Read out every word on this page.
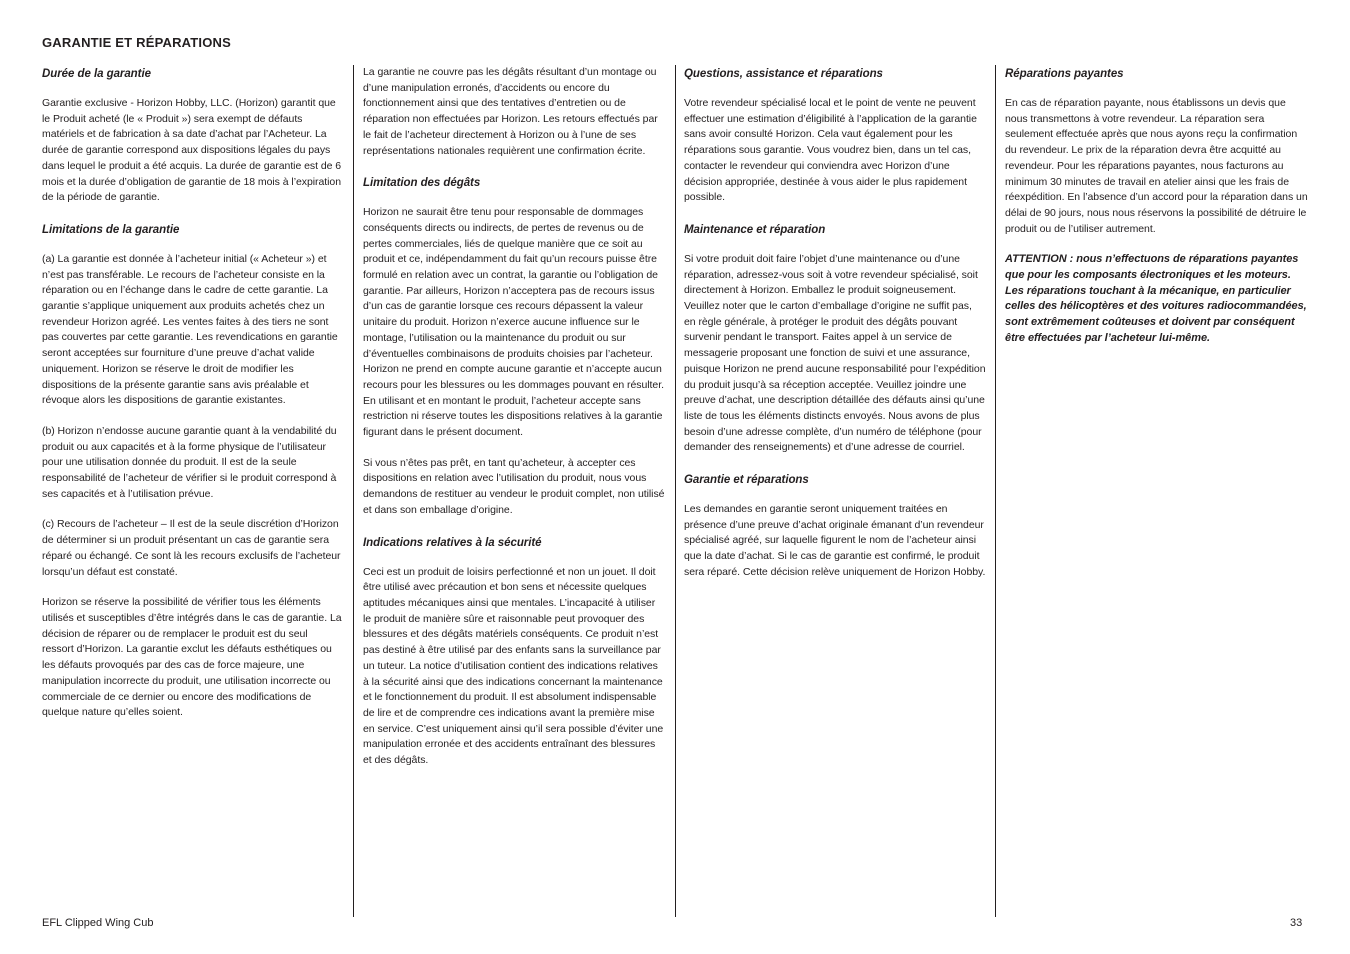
GARANTIE ET RÉPARATIONS
Durée de la garantie

Garantie exclusive - Horizon Hobby, LLC. (Horizon) garantit que le Produit acheté (le « Produit ») sera exempt de défauts matériels et de fabrication à sa date d’achat par l’Acheteur. La durée de garantie correspond aux dispositions légales du pays dans lequel le produit a été acquis. La durée de garantie est de 6 mois et la durée d’obligation de garantie de 18 mois à l’expiration de la période de garantie.

Limitations de la garantie

(a) La garantie est donnée à l’acheteur initial (« Acheteur ») et n’est pas transférable. Le recours de l’acheteur consiste en la réparation ou en l’échange dans le cadre de cette garantie. La garantie s’applique uniquement aux produits achetés chez un revendeur Horizon agréé. Les ventes faites à des tiers ne sont pas couvertes par cette garantie. Les revendications en garantie seront acceptées sur fourniture d’une preuve d’achat valide uniquement. Horizon se réserve le droit de modifier les dispositions de la présente garantie sans avis préalable et révoque alors les dispositions de garantie existantes.

(b) Horizon n’endosse aucune garantie quant à la vendabilité du produit ou aux capacités et à la forme physique de l’utilisateur pour une utilisation donnée du produit. Il est de la seule responsabilité de l’acheteur de vérifier si le produit correspond à ses capacités et à l’utilisation prévue.

(c) Recours de l’acheteur – Il est de la seule discrétion d’Horizon de déterminer si un produit présentant un cas de garantie sera réparé ou échangé. Ce sont là les recours exclusifs de l’acheteur lorsqu’un défaut est constaté.

Horizon se réserve la possibilité de vérifier tous les éléments utilisés et susceptibles d’être intégrés dans le cas de garantie. La décision de réparer ou de remplacer le produit est du seul ressort d’Horizon. La garantie exclut les défauts esthétiques ou les défauts provoqués par des cas de force majeure, une manipulation incorrecte du produit, une utilisation incorrecte ou commerciale de ce dernier ou encore des modifications de quelque nature qu’elles soient.

La garantie ne couvre pas les dégâts résultant d’un montage ou d’une manipulation erronés, d’accidents ou encore du fonctionnement ainsi que des tentatives d’entretien ou de réparation non effectuées par Horizon. Les retours effectués par le fait de l’acheteur directement à Horizon ou à l’une de ses représentations nationales requièrent une confirmation écrite.

Limitation des dégâts

Horizon ne saurait être tenu pour responsable de dommages conséquents directs ou indirects, de pertes de revenus ou de pertes commerciales, liés de quelque manière que ce soit au produit et ce, indépendamment du fait qu’un recours puisse être formulé en relation avec un contrat, la garantie ou l’obligation de garantie. Par ailleurs, Horizon n’acceptera pas de recours issus d’un cas de garantie lorsque ces recours dépassent la valeur unitaire du produit. Horizon n’exerce aucune influence sur le montage, l’utilisation ou la maintenance du produit ou sur d’éventuelles combinaisons de produits choisies par l’acheteur. Horizon ne prend en compte aucune garantie et n’accepte aucun recours pour les blessures ou les dommages pouvant en résulter. En utilisant et en montant le produit, l’acheteur accepte sans restriction ni réserve toutes les dispositions relatives à la garantie figurant dans le présent document.

Si vous n’êtes pas prêt, en tant qu’acheteur, à accepter ces dispositions en relation avec l’utilisation du produit, nous vous demandons de restituer au vendeur le produit complet, non utilisé et dans son emballage d’origine.

Indications relatives à la sécurité

Ceci est un produit de loisirs perfectionné et non un jouet. Il doit être utilisé avec précaution et bon sens et nécessite quelques aptitudes mécaniques ainsi que mentales. L’incapacité à utiliser le produit de manière sûre et raisonnable peut provoquer des blessures et des dégâts matériels conséquents. Ce produit n’est pas destiné à être utilisé par des enfants sans la surveillance par un tuteur. La notice d’utilisation contient des indications relatives à la sécurité ainsi que des indications concernant la maintenance et le fonctionnement du produit. Il est absolument indispensable de lire et de comprendre ces indications avant la première mise en service. C’est uniquement ainsi qu’il sera possible d’éviter une manipulation erronée et des accidents entraînant des blessures et des dégâts.

Questions, assistance et réparations

Votre revendeur spécialisé local et le point de vente ne peuvent effectuer une estimation d’éligibilité à l’application de la garantie sans avoir consulté Horizon. Cela vaut également pour les réparations sous garantie. Vous voudrez bien, dans un tel cas, contacter le revendeur qui conviendra avec Horizon d’une décision appropriée, destinée à vous aider le plus rapidement possible.

Maintenance et réparation

Si votre produit doit faire l’objet d’une maintenance ou d’une réparation, adressez-vous soit à votre revendeur spécialisé, soit directement à Horizon. Emballez le produit soigneusement. Veuillez noter que le carton d’emballage d’origine ne suffit pas, en règle générale, à protéger le produit des dégâts pouvant survenir pendant le transport. Faites appel à un service de messagerie proposant une fonction de suivi et une assurance, puisque Horizon ne prend aucune responsabilité pour l’expédition du produit jusqu’à sa réception acceptée. Veuillez joindre une preuve d’achat, une description détaillée des défauts ainsi qu’une liste de tous les éléments distincts envoyés. Nous avons de plus besoin d’une adresse complète, d’un numéro de téléphone (pour demander des renseignements) et d’une adresse de courriel.

Garantie et réparations

Les demandes en garantie seront uniquement traitées en présence d’une preuve d’achat originale émanant d’un revendeur spécialisé agréé, sur laquelle figurent le nom de l’acheteur ainsi que la date d’achat. Si le cas de garantie est confirmé, le produit sera réparé. Cette décision relève uniquement de Horizon Hobby.

Réparations payantes

En cas de réparation payante, nous établissons un devis que nous transmettons à votre revendeur. La réparation sera seulement effectuée après que nous ayons reçu la confirmation du revendeur. Le prix de la réparation devra être acquitté au revendeur. Pour les réparations payantes, nous facturons au minimum 30 minutes de travail en atelier ainsi que les frais de réexpédition. En l’absence d’un accord pour la réparation dans un délai de 90 jours, nous nous réservons la possibilité de détruire le produit ou de l’utiliser autrement.

ATTENTION : nous n’effectuons de réparations payantes que pour les composants électroniques et les moteurs. Les réparations touchant à la mécanique, en particulier celles des hélicoptères et des voitures radiocommandées, sont extrêmement coûteuses et doivent par conséquent être effectuées par l’acheteur lui-même.

EFL Clipped Wing Cub	33
